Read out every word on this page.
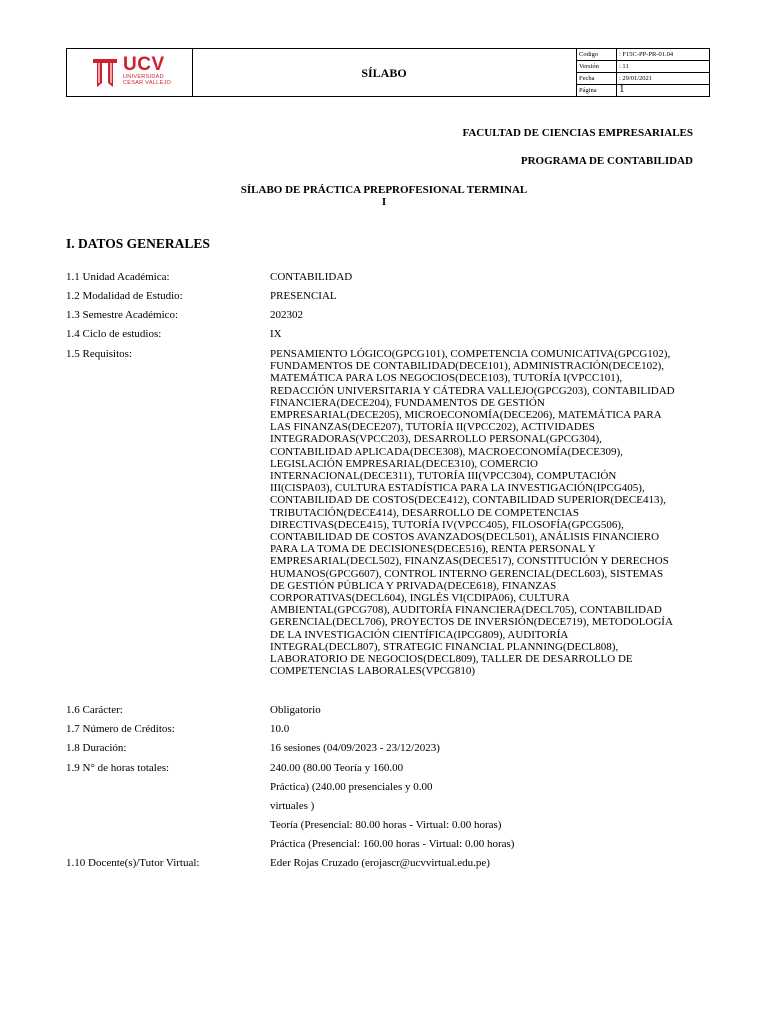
UCV
UNIVERSIDAD
CÉSAR VALLEJO
SÍLABO
Codigo	: F15C-PP-PR-01.04
Versión	: 11
Fecha	: 29/01/2021
Página 1
FACULTAD DE CIENCIAS EMPRESARIALES
PROGRAMA DE CONTABILIDAD
SÍLABO DE PRÁCTICA PREPROFESIONAL TERMINAL
I
I. DATOS GENERALES
1.1 Unidad Académica:	CONTABILIDAD
1.2 Modalidad de Estudio:	PRESENCIAL
1.3 Semestre Académico:	202302
1.4 Ciclo de estudios:	IX
1.5 Requisitos:	PENSAMIENTO LÓGICO(GPCG101), COMPETENCIA COMUNICATIVA(GPCG102),
FUNDAMENTOS DE CONTABILIDAD(DECE101), ADMINISTRACIÓN(DECE102),
MATEMÁTICA PARA LOS NEGOCIOS(DECE103), TUTORÍA I(VPCC101),
REDACCIÓN UNIVERSITARIA Y CÁTEDRA VALLEJO(GPCG203), CONTABILIDAD
FINANCIERA(DECE204), FUNDAMENTOS DE GESTIÓN
EMPRESARIAL(DECE205), MICROECONOMÍA(DECE206), MATEMÁTICA PARA
LAS FINANZAS(DECE207), TUTORÍA II(VPCC202), ACTIVIDADES
INTEGRADORAS(VPCC203), DESARROLLO PERSONAL(GPCG304),
CONTABILIDAD APLICADA(DECE308), MACROECONOMÍA(DECE309),
LEGISLACIÓN EMPRESARIAL(DECE310), COMERCIO
INTERNACIONAL(DECE311), TUTORÍA III(VPCC304), COMPUTACIÓN
III(CISPA03), CULTURA ESTADÍSTICA PARA LA INVESTIGACIÓN(IPCG405),
CONTABILIDAD DE COSTOS(DECE412), CONTABILIDAD SUPERIOR(DECE413),
TRIBUTACIÓN(DECE414), DESARROLLO DE COMPETENCIAS
DIRECTIVAS(DECE415), TUTORÍA IV(VPCC405), FILOSOFÍA(GPCG506),
CONTABILIDAD DE COSTOS AVANZADOS(DECL501), ANÁLISIS FINANCIERO
PARA LA TOMA DE DECISIONES(DECE516), RENTA PERSONAL Y
EMPRESARIAL(DECL502), FINANZAS(DECE517), CONSTITUCIÓN Y DERECHOS
HUMANOS(GPCG607), CONTROL INTERNO GERENCIAL(DECL603), SISTEMAS
DE GESTIÓN PÚBLICA Y PRIVADA(DECE618), FINANZAS
CORPORATIVAS(DECL604), INGLÉS VI(CDIPA06), CULTURA
AMBIENTAL(GPCG708), AUDITORÍA FINANCIERA(DECL705), CONTABILIDAD
GERENCIAL(DECL706), PROYECTOS DE INVERSIÓN(DECE719), METODOLOGÍA
DE LA INVESTIGACIÓN CIENTÍFICA(IPCG809), AUDITORÍA
INTEGRAL(DECL807), STRATEGIC FINANCIAL PLANNING(DECL808),
LABORATORIO DE NEGOCIOS(DECL809), TALLER DE DESARROLLO DE
COMPETENCIAS LABORALES(VPCG810)
1.6 Carácter:	Obligatorio
1.7 Número de Créditos:	10.0
1.8 Duración:	16 sesiones (04/09/2023 - 23/12/2023)
1.9 N° de horas totales:	240.00 (80.00 Teoría y 160.00
Práctica) (240.00 presenciales y 0.00
virtuales )
Teoría (Presencial: 80.00 horas - Virtual: 0.00 horas)
Práctica (Presencial: 160.00 horas - Virtual: 0.00 horas)
1.10 Docente(s)/Tutor Virtual:	Eder Rojas Cruzado (erojascr@ucvvirtual.edu.pe)
